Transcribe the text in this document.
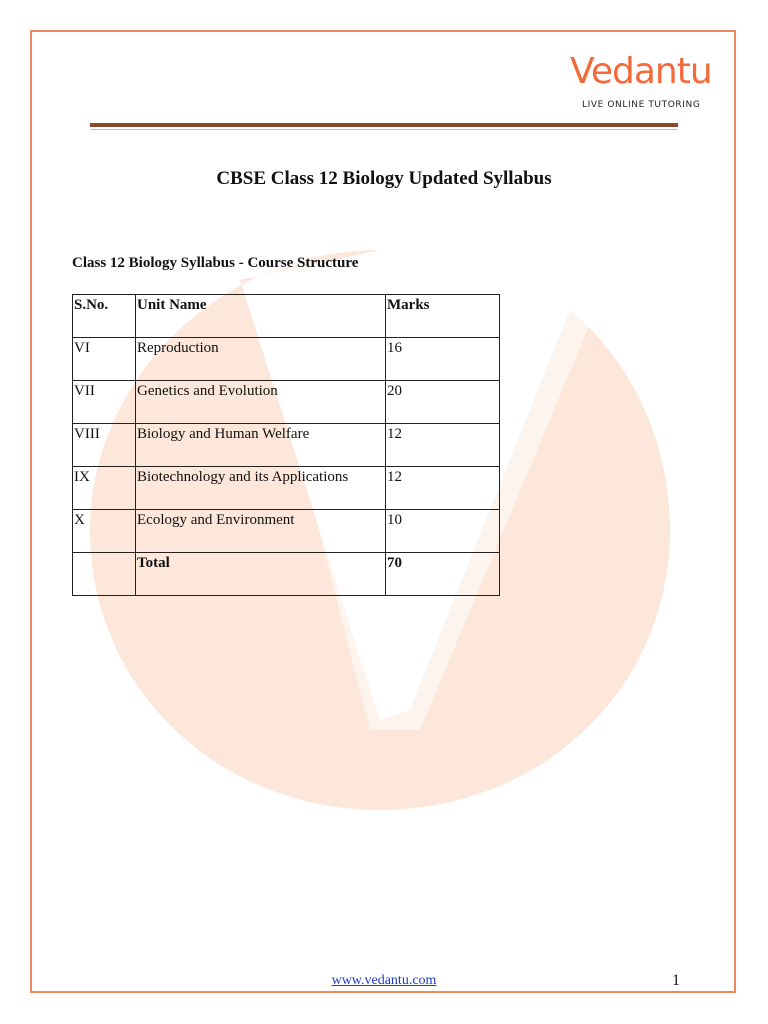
Vedantu
LIVE ONLINE TUTORING
CBSE Class 12 Biology Updated Syllabus
Class 12 Biology Syllabus - Course Structure
S.No.	Unit Name	Marks
VI	Reproduction	16
VII	Genetics and Evolution	20
VIII	Biology and Human Welfare	12
IX	Biotechnology and its Applications	12
X	Ecology and Environment	10
	Total	70
www.vedantu.com	1
